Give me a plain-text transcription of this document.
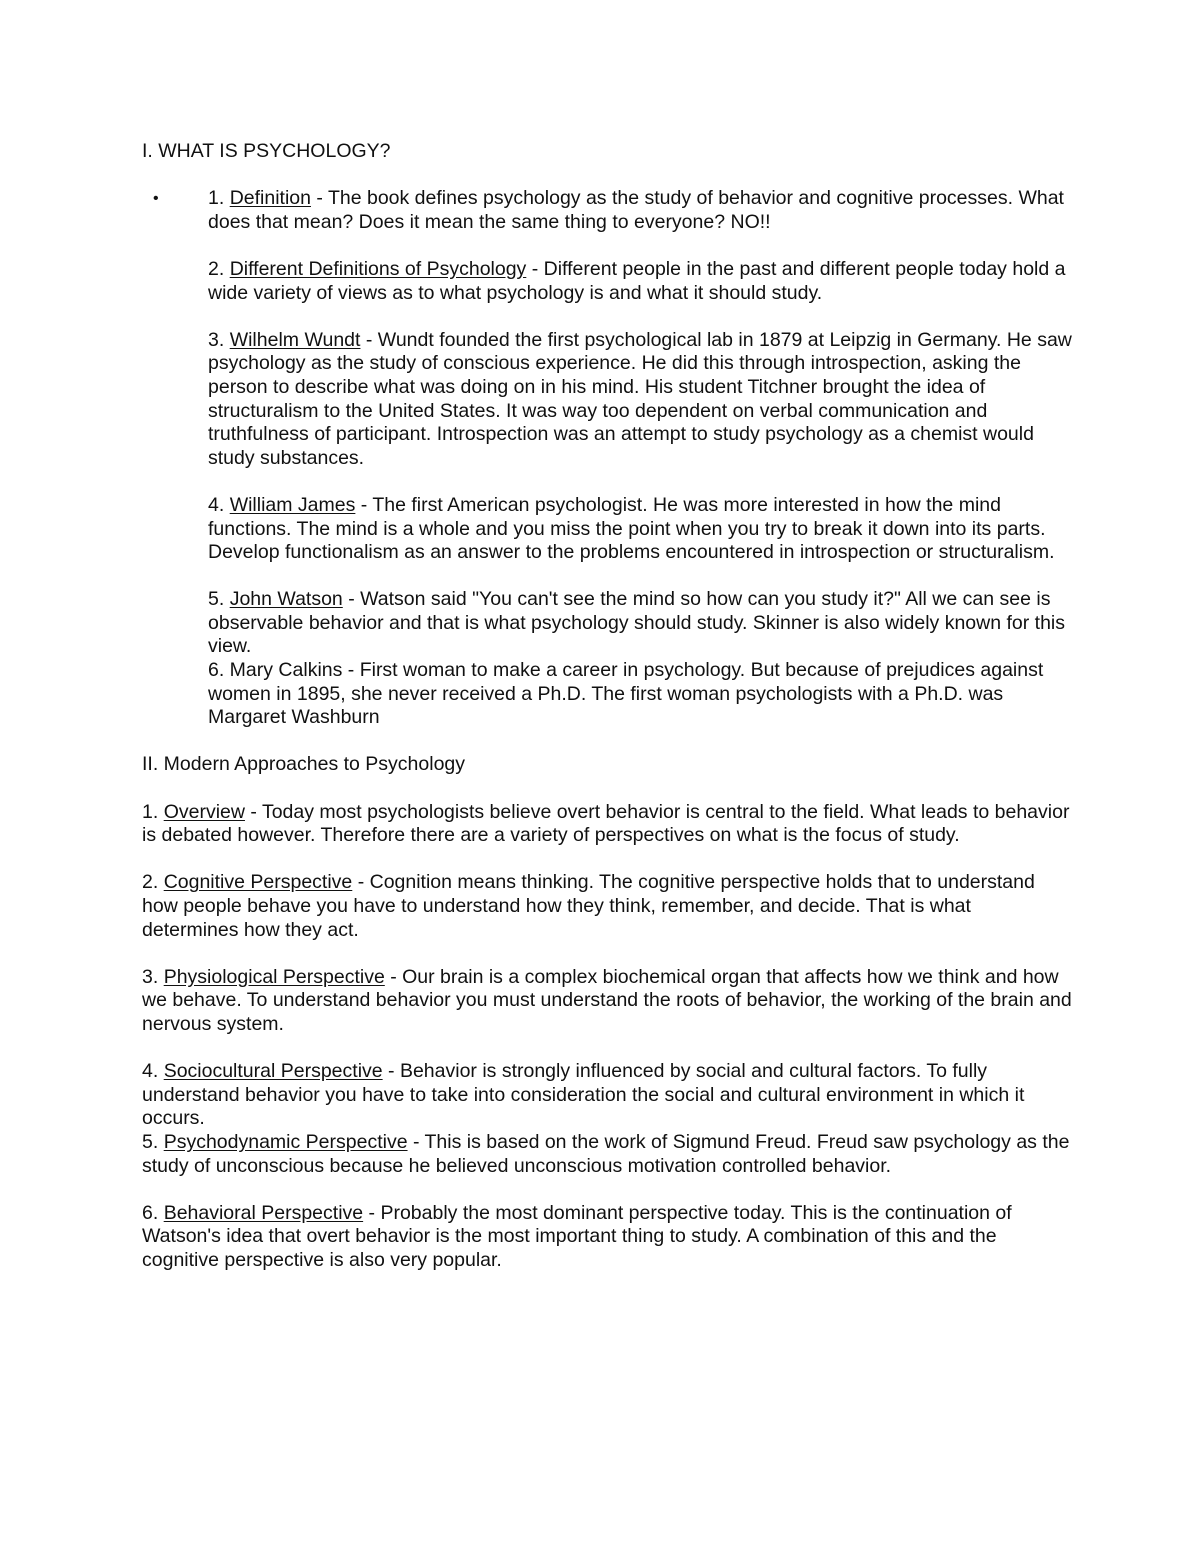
I. WHAT IS PSYCHOLOGY?

•	1. Definition - The book defines psychology as the study of behavior and cognitive processes. What does that mean? Does it mean the same thing to everyone? NO!!

2. Different Definitions of Psychology - Different people in the past and different people today hold a wide variety of views as to what psychology is and what it should study.

3. Wilhelm Wundt - Wundt founded the first psychological lab in 1879 at Leipzig in Germany. He saw psychology as the study of conscious experience. He did this through introspection, asking the person to describe what was doing on in his mind. His student Titchner brought the idea of structuralism to the United States. It was way too dependent on verbal communication and truthfulness of participant. Introspection was an attempt to study psychology as a chemist would study substances.

4. William James - The first American psychologist. He was more interested in how the mind functions. The mind is a whole and you miss the point when you try to break it down into its parts. Develop functionalism as an answer to the problems encountered in introspection or structuralism.

5. John Watson - Watson said "You can't see the mind so how can you study it?" All we can see is observable behavior and that is what psychology should study. Skinner is also widely known for this view.

6. Mary Calkins - First woman to make a career in psychology. But because of prejudices against women in 1895, she never received a Ph.D. The first woman psychologists with a Ph.D. was Margaret Washburn

II. Modern Approaches to Psychology

1. Overview - Today most psychologists believe overt behavior is central to the field. What leads to behavior is debated however. Therefore there are a variety of perspectives on what is the focus of study.

2. Cognitive Perspective - Cognition means thinking. The cognitive perspective holds that to understand how people behave you have to understand how they think, remember, and decide. That is what determines how they act.

3. Physiological Perspective - Our brain is a complex biochemical organ that affects how we think and how we behave. To understand behavior you must understand the roots of behavior, the working of the brain and nervous system.

4. Sociocultural Perspective - Behavior is strongly influenced by social and cultural factors. To fully understand behavior you have to take into consideration the social and cultural environment in which it occurs.

5. Psychodynamic Perspective - This is based on the work of Sigmund Freud. Freud saw psychology as the study of unconscious because he believed unconscious motivation controlled behavior.

6. Behavioral Perspective - Probably the most dominant perspective today. This is the continuation of Watson's idea that overt behavior is the most important thing to study. A combination of this and the cognitive perspective is also very popular.
